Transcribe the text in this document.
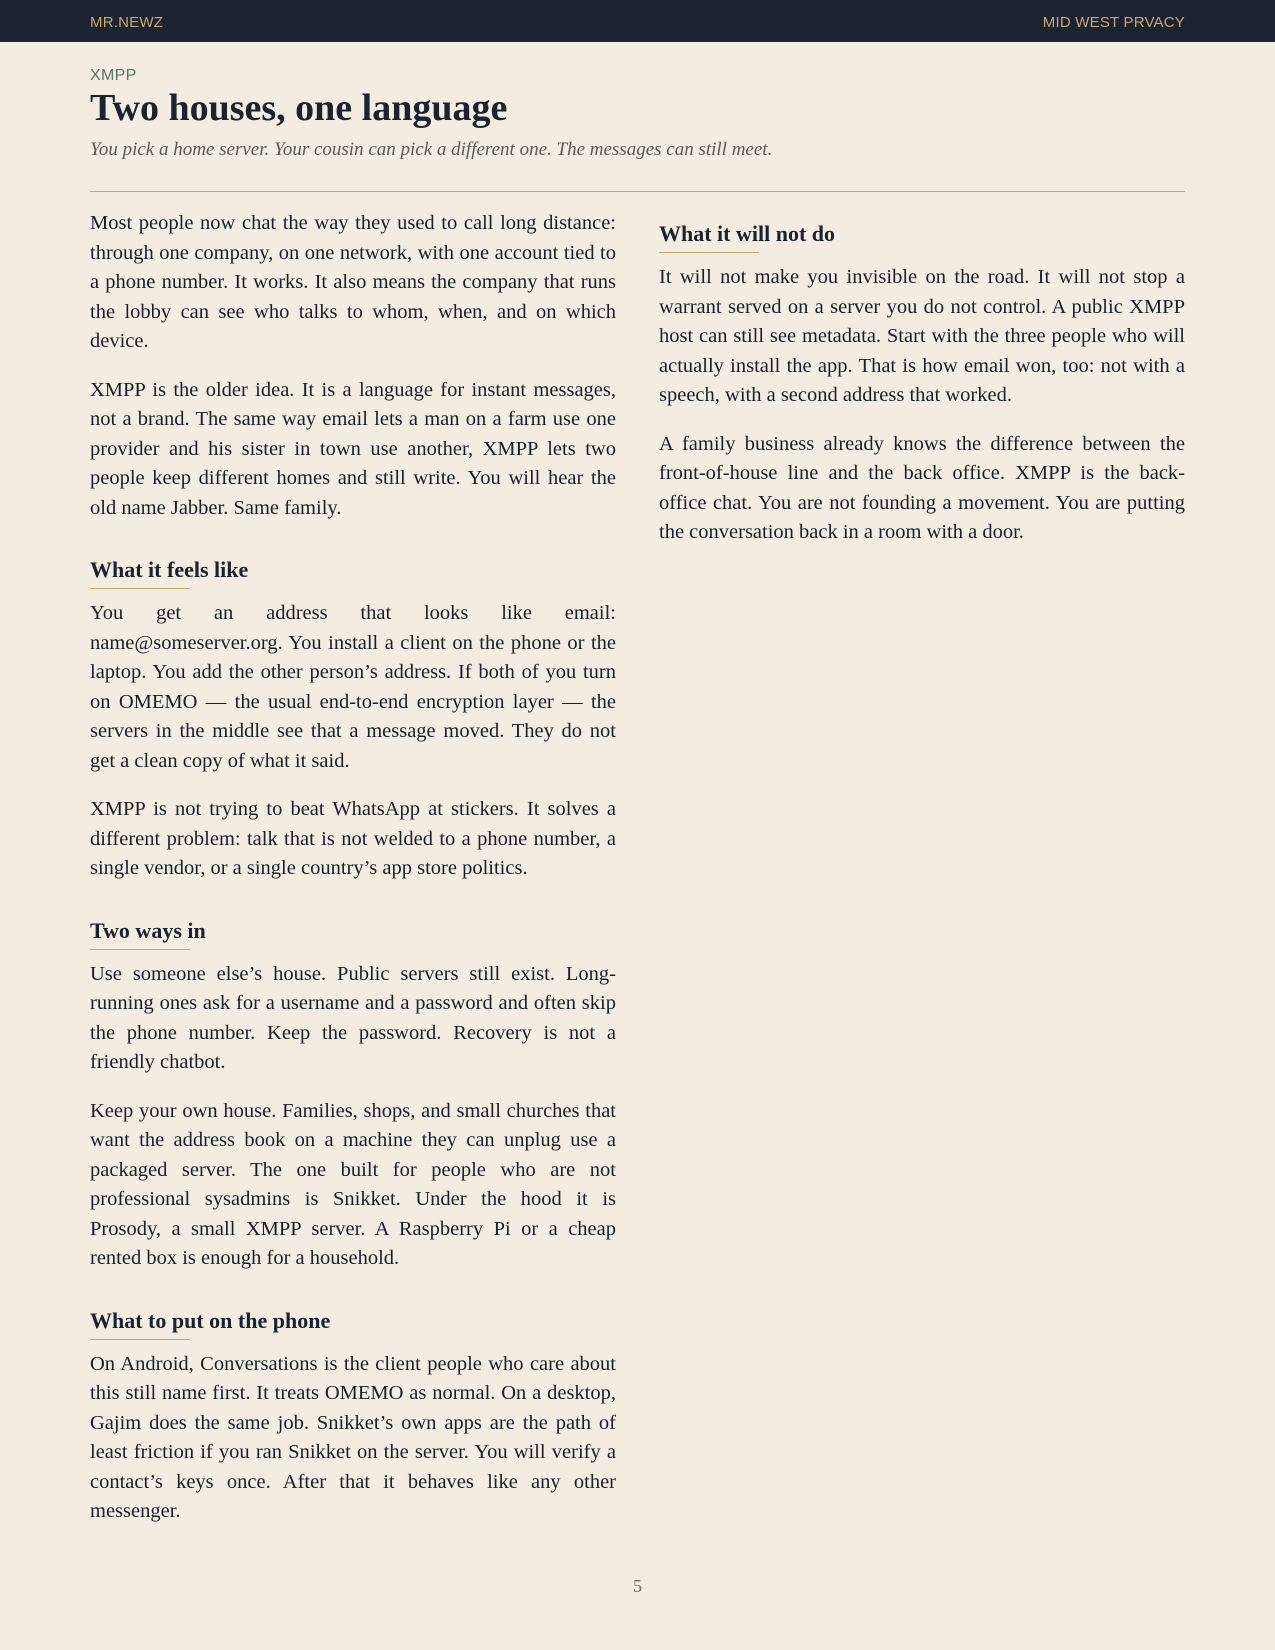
MR.NEWZ	MID WEST PRVACY
XMPP
Two houses, one language
You pick a home server. Your cousin can pick a different one. The messages can still meet.

Most people now chat the way they used to call long distance: through one company, on one network, with one account tied to a phone number. It works. It also means the company that runs the lobby can see who talks to whom, when, and on which device.

XMPP is the older idea. It is a language for instant messages, not a brand. The same way email lets a man on a farm use one provider and his sister in town use another, XMPP lets two people keep different homes and still write. You will hear the old name Jabber. Same family.

What it feels like

You get an address that looks like email: name@someserver.org. You install a client on the phone or the laptop. You add the other person’s address. If both of you turn on OMEMO — the usual end-to-end encryption layer — the servers in the middle see that a message moved. They do not get a clean copy of what it said.

XMPP is not trying to beat WhatsApp at stickers. It solves a different problem: talk that is not welded to a phone number, a single vendor, or a single country’s app store politics.

Two ways in

Use someone else’s house. Public servers still exist. Long-running ones ask for a username and a password and often skip the phone number. Keep the password. Recovery is not a friendly chatbot.

Keep your own house. Families, shops, and small churches that want the address book on a machine they can unplug use a packaged server. The one built for people who are not professional sysadmins is Snikket. Under the hood it is Prosody, a small XMPP server. A Raspberry Pi or a cheap rented box is enough for a household.

What to put on the phone

On Android, Conversations is the client people who care about this still name first. It treats OMEMO as normal. On a desktop, Gajim does the same job. Snikket’s own apps are the path of least friction if you ran Snikket on the server. You will verify a contact’s keys once. After that it behaves like any other messenger.

What it will not do

It will not make you invisible on the road. It will not stop a warrant served on a server you do not control. A public XMPP host can still see metadata. Start with the three people who will actually install the app. That is how email won, too: not with a speech, with a second address that worked.

A family business already knows the difference between the front-of-house line and the back office. XMPP is the back-office chat. You are not founding a movement. You are putting the conversation back in a room with a door.

5
